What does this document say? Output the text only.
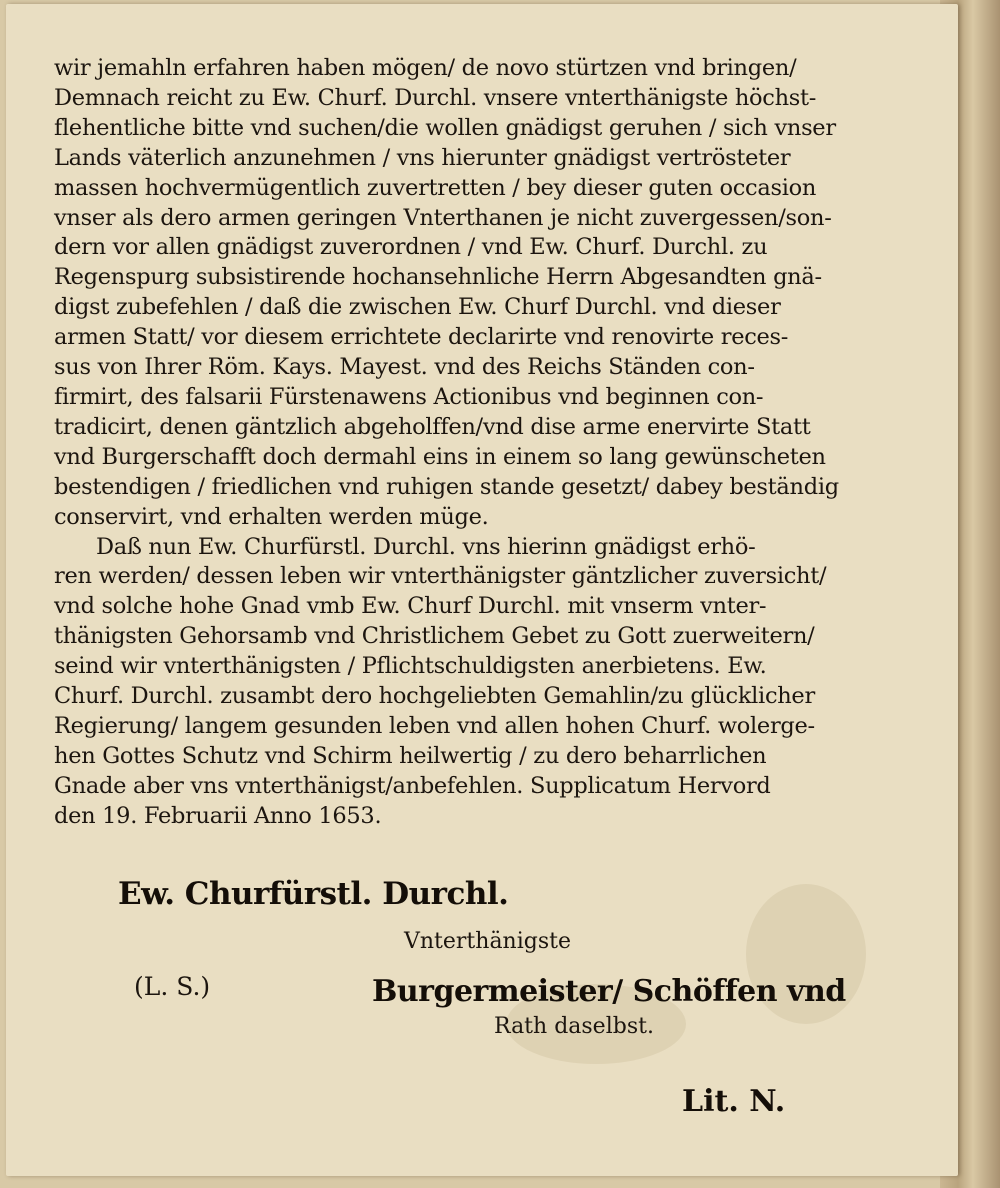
wir jemahln erfahren haben mögen/ de novo stürtzen vnd bringen/
Demnach reicht zu Ew. Churf. Durchl. vnsere vnterthänigste höchst-
flehentliche bitte vnd suchen/die wollen gnädigst geruhen / sich vnser
Lands väterlich anzunehmen / vns hierunter gnädigst vertrösteter
massen hochvermügentlich zuvertretten / bey dieser guten occasion
vnser als dero armen geringen Vnterthanen je nicht zuvergessen/son-
dern vor allen gnädigst zuverordnen / vnd Ew. Churf. Durchl. zu
Regenspurg subsistirende hochansehnliche Herrn Abgesandten gnä-
digst zubefehlen / daß die zwischen Ew. Churf Durchl. vnd dieser
armen Statt/ vor diesem errichtete declarirte vnd renovirte reces-
sus von Ihrer Röm. Kays. Mayest. vnd des Reichs Ständen con-
firmirt, des falsarii Fürstenawens Actionibus vnd beginnen con-
tradicirt, denen gäntzlich abgeholffen/vnd dise arme enervirte Statt
vnd Burgerschafft doch dermahl eins in einem so lang gewünscheten
bestendigen / friedlichen vnd ruhigen stande gesetzt/ dabey beständig
conservirt, vnd erhalten werden müge.
Daß nun Ew. Churfürstl. Durchl. vns hierinn gnädigst erhö-
ren werden/ dessen leben wir vnterthänigster gäntzlicher zuversicht/
vnd solche hohe Gnad vmb Ew. Churf Durchl. mit vnserm vnter-
thänigsten Gehorsamb vnd Christlichem Gebet zu Gott zuerweitern/
seind wir vnterthänigsten / Pflichtschuldigsten anerbietens. Ew.
Churf. Durchl. zusambt dero hochgeliebten Gemahlin/zu glücklicher
Regierung/ langem gesunden leben vnd allen hohen Churf. wolerge-
hen Gottes Schutz vnd Schirm heilwertig / zu dero beharrlichen
Gnade aber vns vnterthänigst/anbefehlen. Supplicatum Hervord
den 19. Februarii Anno 1653.
Ew. Churfürstl. Durchl.
Vnterthänigste
(L. S.)	Burgermeister/ Schöffen vnd
Rath daselbst.
Lit. N.
